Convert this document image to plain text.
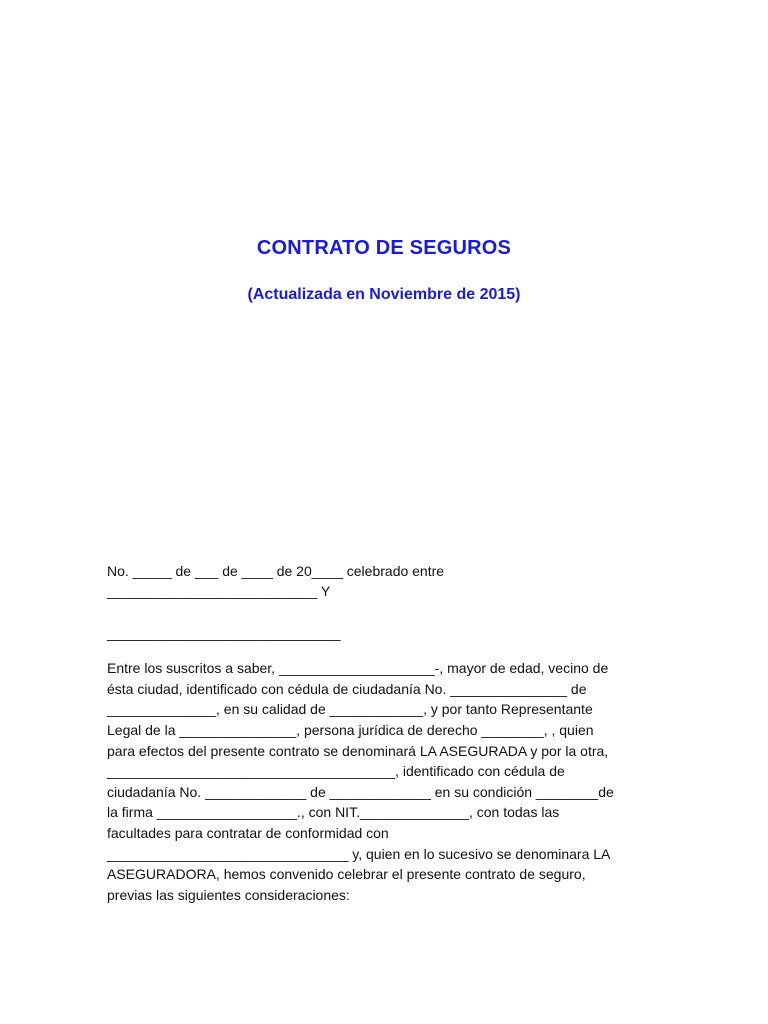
CONTRATO DE SEGUROS
(Actualizada en Noviembre de 2015)
No. _____ de ___ de ____ de 20____ celebrado entre
___________________________ Y
______________________________
Entre los suscritos a saber, ____________________-, mayor de edad, vecino de
ésta ciudad, identificado con cédula de ciudadanía No. _______________ de
______________, en su calidad de ____________, y por tanto Representante
Legal de la _______________, persona jurídica de derecho ________, , quien
para efectos del presente contrato se denominará LA ASEGURADA y por la otra,
_____________________________________, identificado con cédula de
ciudadanía No. _____________ de _____________ en su condición ________de
la firma __________________., con NIT.______________, con todas las
facultades para contratar de conformidad con
_______________________________ y, quien en lo sucesivo se denominara LA
ASEGURADORA, hemos convenido celebrar el presente contrato de seguro,
previas las siguientes consideraciones:
